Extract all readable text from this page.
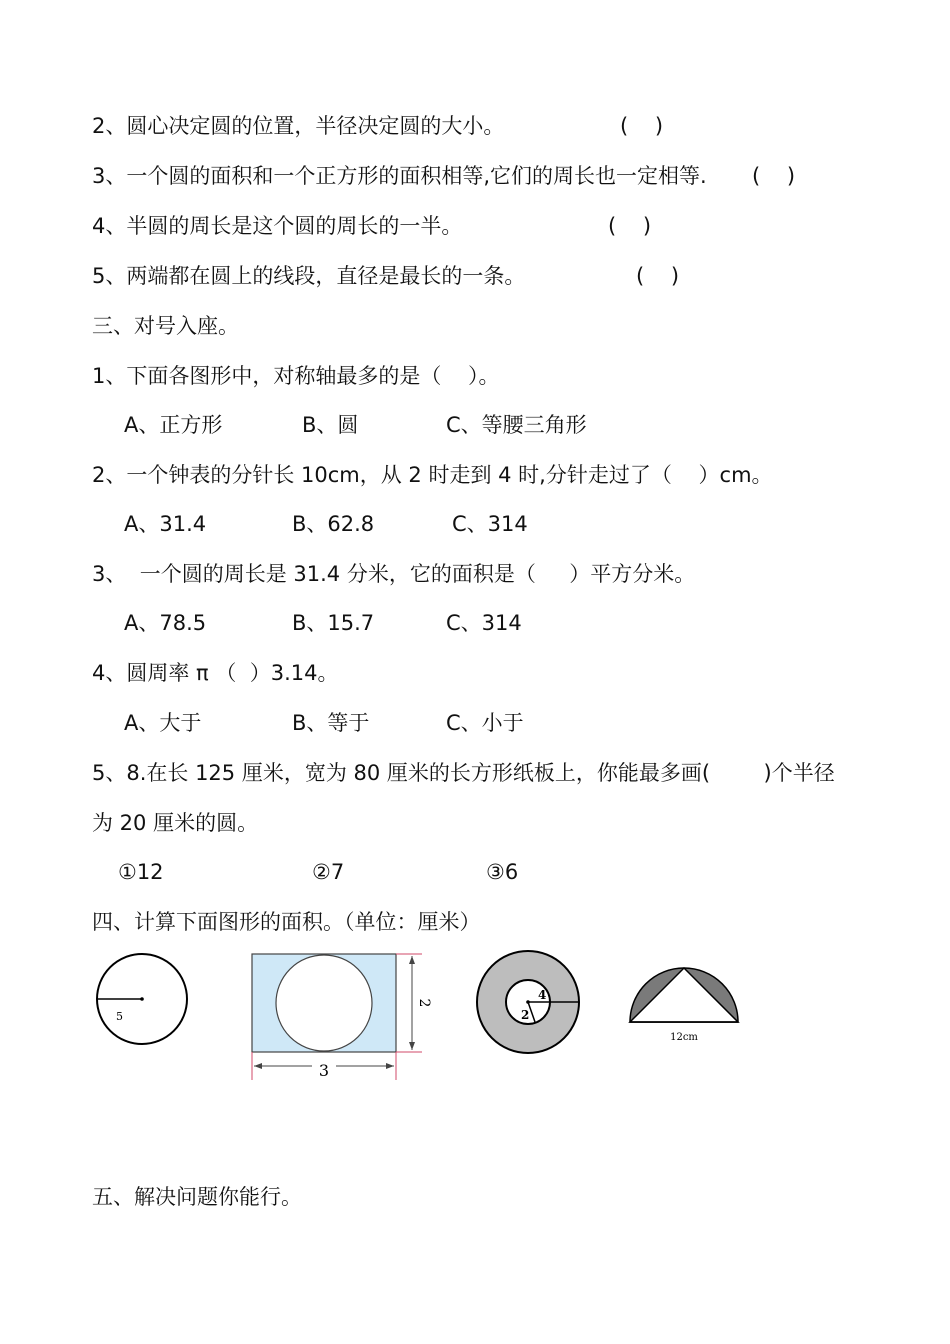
2、圆心决定圆的位置，半径决定圆的大小。	(    )
3、一个圆的面积和一个正方形的面积相等,它们的周长也一定相等. (    )
4、半圆的周长是这个圆的周长的一半。	(    )
5、两端都在圆上的线段，直径是最长的一条。	(    )
三、对号入座。
1、下面各图形中，对称轴最多的是（    ）。
A、正方形	B、圆	C、等腰三角形
2、一个钟表的分针长 10cm，从 2 时走到 4 时,分针走过了（    ）cm。
A、31.4	B、62.8	C、314
3、  一个圆的周长是 31.4 分米，它的面积是（     ）平方分米。
A、78.5	B、15.7	C、314
4、圆周率 π （  ）3.14。
A、大于	B、等于	C、小于
5、8.在长 125 厘米，宽为 80 厘米的长方形纸板上，你能最多画(        )个半径
为 20 厘米的圆。
①12	②7	③6
四、计算下面图形的面积。（单位：厘米）
5
2
3
4
2
12cm
五、解决问题你能行。
